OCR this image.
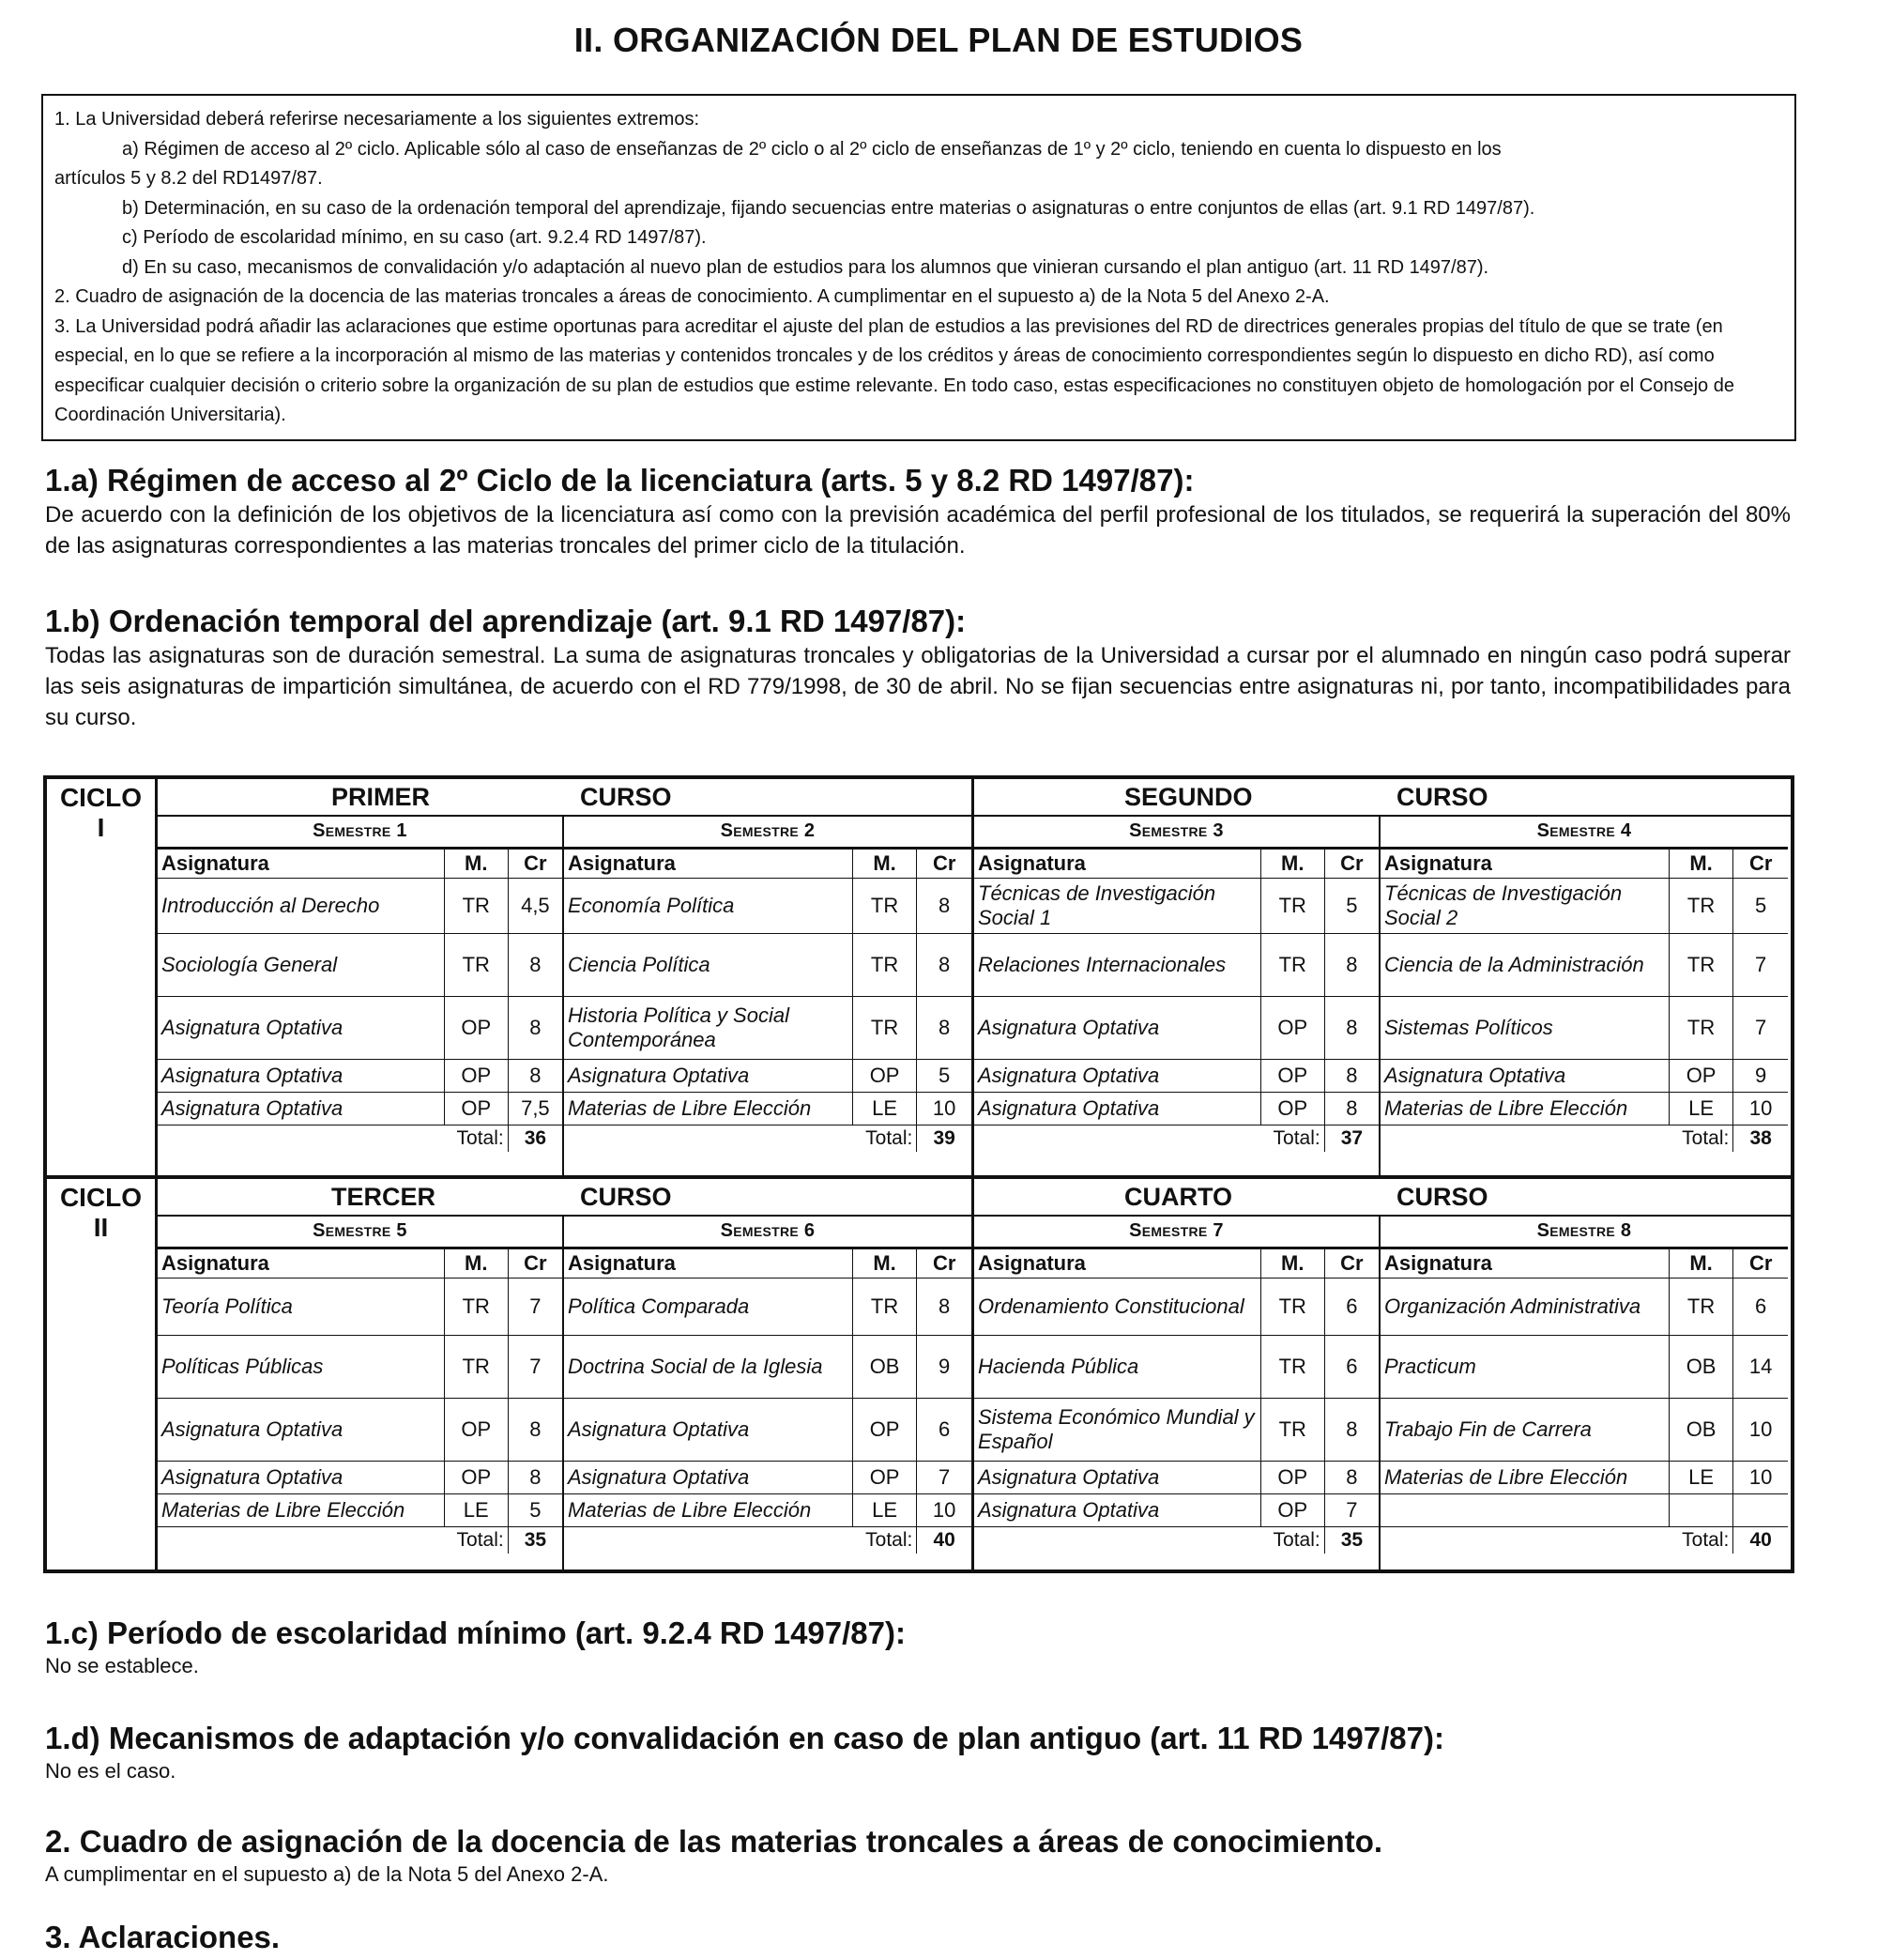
II. ORGANIZACIÓN DEL PLAN DE ESTUDIOS

1. La Universidad deberá referirse necesariamente a los siguientes extremos:

a) Régimen de acceso al 2º ciclo. Aplicable sólo al caso de enseñanzas de 2º ciclo o al 2º ciclo de enseñanzas de 1º y 2º ciclo, teniendo en cuenta lo dispuesto en los

artículos 5 y 8.2 del RD1497/87.

b) Determinación, en su caso de la ordenación temporal del aprendizaje, fijando secuencias entre materias o asignaturas o entre conjuntos de ellas (art. 9.1 RD 1497/87).

c) Período de escolaridad mínimo, en su caso (art. 9.2.4 RD 1497/87).

d) En su caso, mecanismos de convalidación y/o adaptación al nuevo plan de estudios para los alumnos que vinieran cursando el plan antiguo (art. 11 RD 1497/87).

2. Cuadro de asignación de la docencia de las materias troncales a áreas de conocimiento. A cumplimentar en el supuesto a) de la Nota 5 del Anexo 2-A.

3. La Universidad podrá añadir las aclaraciones que estime oportunas para acreditar el ajuste del plan de estudios a las previsiones del RD de directrices generales propias del título de que se trate (en especial, en lo que se refiere a la incorporación al mismo de las materias y contenidos troncales y de los créditos y áreas de conocimiento correspondientes según lo dispuesto en dicho RD), así como especificar cualquier decisión o criterio sobre la organización de su plan de estudios que estime relevante. En todo caso, estas especificaciones no constituyen objeto de homologación por el Consejo de Coordinación Universitaria).

1.a) Régimen de acceso al 2º Ciclo de la licenciatura (arts. 5 y 8.2 RD 1497/87):
De acuerdo con la definición de los objetivos de la licenciatura así como con la previsión académica del perfil profesional de los titulados, se requerirá la superación del 80% de las asignaturas correspondientes a las materias troncales del primer ciclo de la titulación.
1.b) Ordenación temporal del aprendizaje (art. 9.1 RD 1497/87):
Todas las asignaturas son de duración semestral. La suma de asignaturas troncales y obligatorias de la Universidad a cursar por el alumnado en ningún caso podrá superar las seis asignaturas de impartición simultánea, de acuerdo con el RD 779/1998, de 30 de abril. No se fijan secuencias entre asignaturas ni, por tanto, incompatibilidades para su curso.
CICLO
I
PRIMER	CURSO
Semestre 1
Asignatura	M.	Cr
Introducción al Derecho	TR	4,5
Sociología General	TR	8
Asignatura Optativa	OP	8
Asignatura Optativa	OP	8
Asignatura Optativa	OP	7,5
Total:		36
Semestre 2
Asignatura	M.	Cr
Economía Política	TR	8
Ciencia Política	TR	8
Historia Política y Social Contemporánea	TR	8
Asignatura Optativa	OP	5
Materias de Libre Elección	LE	10
Total:		39
SEGUNDO	CURSO
Semestre 3
Asignatura	M.	Cr
Técnicas de Investigación Social 1	TR	5
Relaciones Internacionales	TR	8
Asignatura Optativa	OP	8
Asignatura Optativa	OP	8
Asignatura Optativa	OP	8
Total:		37
Semestre 4
Asignatura	M.	Cr
Técnicas de Investigación Social 2	TR	5
Ciencia de la Administración	TR	7
Sistemas Políticos	TR	7
Asignatura Optativa	OP	9
Materias de Libre Elección	LE	10
Total:		38
CICLO
II
TERCER	CURSO
Semestre 5
Asignatura	M.	Cr
Teoría Política	TR	7
Políticas Públicas	TR	7
Asignatura Optativa	OP	8
Asignatura Optativa	OP	8
Materias de Libre Elección	LE	5
Total:		35
Semestre 6
Asignatura	M.	Cr
Política Comparada	TR	8
Doctrina Social de la Iglesia	OB	9
Asignatura Optativa	OP	6
Asignatura Optativa	OP	7
Materias de Libre Elección	LE	10
Total:		40
CUARTO	CURSO
Semestre 7
Asignatura	M.	Cr
Ordenamiento Constitucional	TR	6
Hacienda Pública	TR	6
Sistema Económico Mundial y Español	TR	8
Asignatura Optativa	OP	8
Asignatura Optativa	OP	7
Total:		35
Semestre 8
Asignatura	M.	Cr
Organización Administrativa	TR	6
Practicum	OB	14
Trabajo Fin de Carrera	OB	10
Materias de Libre Elección	LE	10

Total:		40
1.c) Período de escolaridad mínimo (art. 9.2.4 RD 1497/87):
No se establece.
1.d) Mecanismos de adaptación y/o convalidación en caso de plan antiguo (art. 11 RD 1497/87):
No es el caso.
2. Cuadro de asignación de la docencia de las materias troncales a áreas de conocimiento.
A cumplimentar en el supuesto a) de la Nota 5 del Anexo 2-A.
3. Aclaraciones.
